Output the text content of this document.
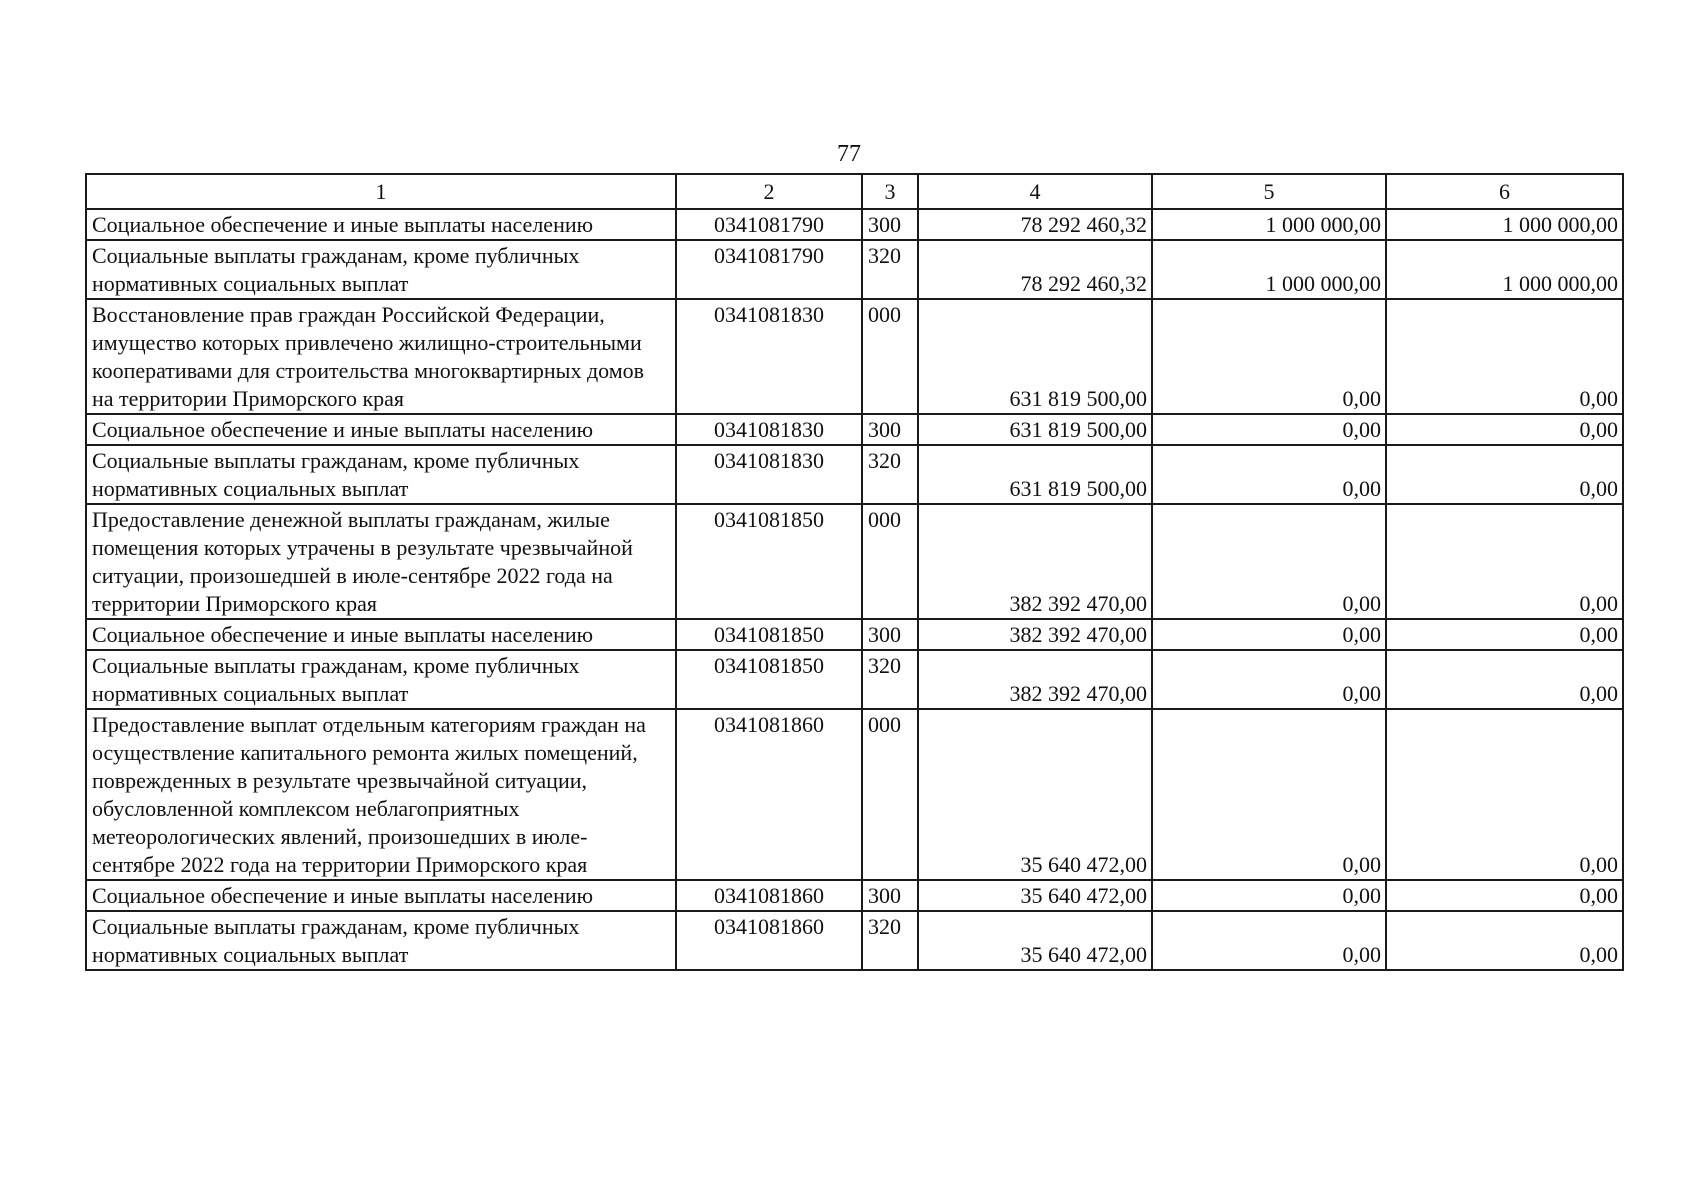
77
1	2	3	4	5	6
Социальное обеспечение и иные выплаты населению	0341081790	300	78 292 460,32	1 000 000,00	1 000 000,00
Социальные выплаты гражданам, кроме публичных нормативных социальных выплат	0341081790	320	78 292 460,32	1 000 000,00	1 000 000,00
Восстановление прав граждан Российской Федерации, имущество которых привлечено жилищно-строительными кооперативами для строительства многоквартирных домов на территории Приморского края	0341081830	000	631 819 500,00	0,00	0,00
Социальное обеспечение и иные выплаты населению	0341081830	300	631 819 500,00	0,00	0,00
Социальные выплаты гражданам, кроме публичных нормативных социальных выплат	0341081830	320	631 819 500,00	0,00	0,00
Предоставление денежной выплаты гражданам, жилые помещения которых утрачены в результате чрезвычайной ситуации, произошедшей в июле-сентябре 2022 года на территории Приморского края	0341081850	000	382 392 470,00	0,00	0,00
Социальное обеспечение и иные выплаты населению	0341081850	300	382 392 470,00	0,00	0,00
Социальные выплаты гражданам, кроме публичных нормативных социальных выплат	0341081850	320	382 392 470,00	0,00	0,00
Предоставление выплат отдельным категориям граждан на осуществление капитального ремонта жилых помещений, поврежденных в результате чрезвычайной ситуации, обусловленной комплексом неблагоприятных метеорологических явлений, произошедших в июле-сентябре 2022 года на территории Приморского края	0341081860	000	35 640 472,00	0,00	0,00
Социальное обеспечение и иные выплаты населению	0341081860	300	35 640 472,00	0,00	0,00
Социальные выплаты гражданам, кроме публичных нормативных социальных выплат	0341081860	320	35 640 472,00	0,00	0,00
